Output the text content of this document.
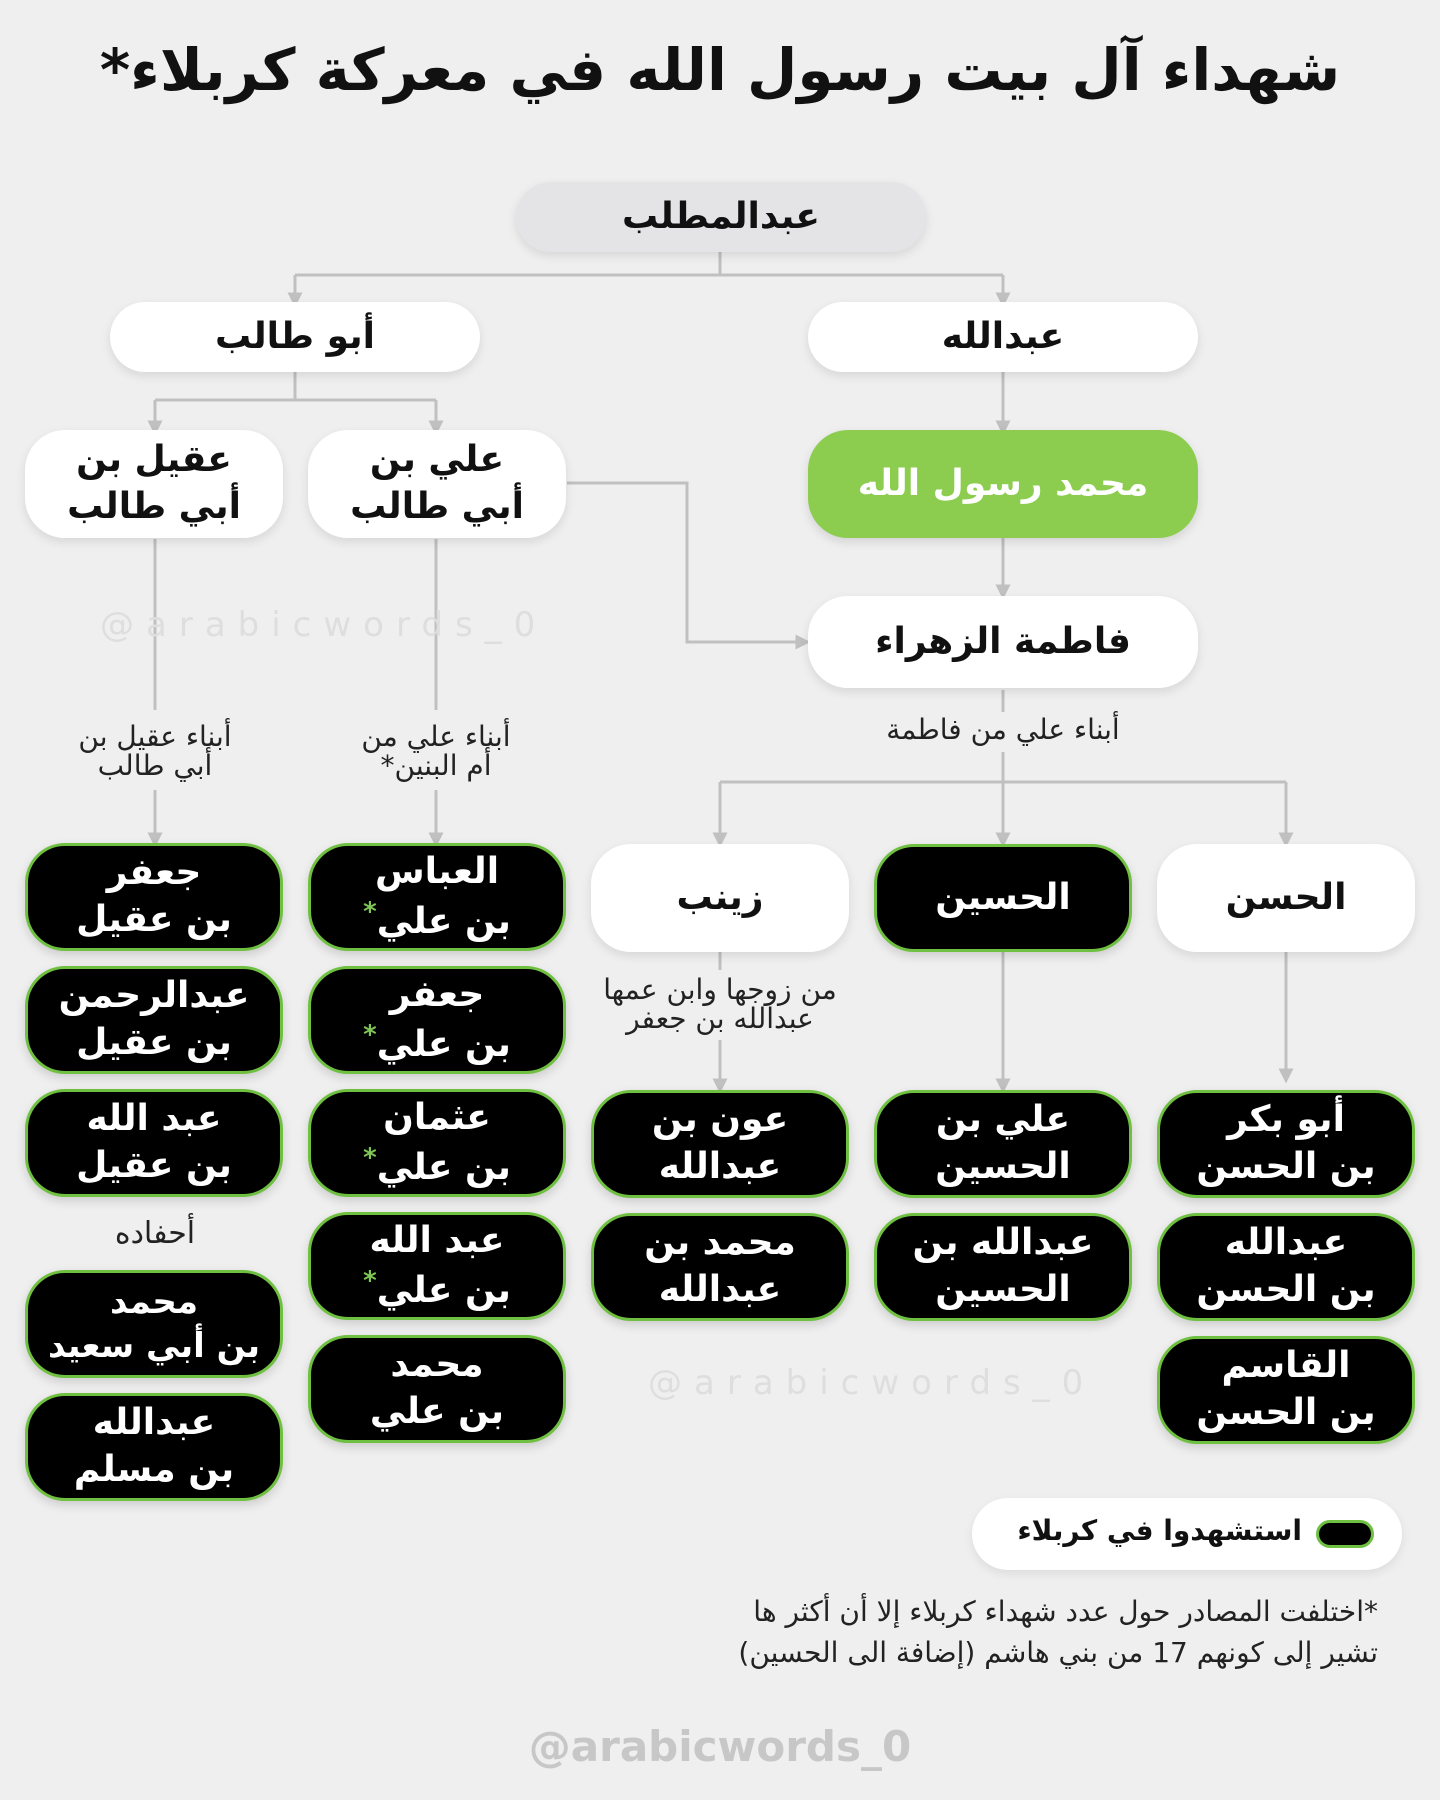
شهداء آل بيت رسول الله في معركة كربلاء*
@arabicwords_0
@arabicwords_0
عبدالمطلب
أبو طالب	عبدالله
محمد رسول الله
علي بن
أبي طالب
عقيل بن
أبي طالب
فاطمة الزهراء
الحسن
الحسين
زينب
أبناء علي من فاطمة
أبناء علي من
أم البنين*
أبناء عقيل بن
أبي طالب
من زوجها وابن عمها
عبدالله بن جعفر
أحفاده
جعفر
بن عقيل
عبدالرحمن
بن عقيل
عبد الله
بن عقيل
محمد
بن أبي سعيد
عبدالله
بن مسلم
العباس
بن علي*
جعفر
بن علي*
عثمان
بن علي*
عبد الله
بن علي*
محمد
بن علي
عون بن
عبدالله
محمد بن
عبدالله
علي بن
الحسين
عبدالله بن
الحسين
أبو بكر
بن الحسن
عبدالله
بن الحسن
القاسم
بن الحسن
استشهدوا في كربلاء
*اختلفت المصادر حول عدد شهداء كربلاء إلا أن أكثر ها
تشير إلى كونهم 17 من بني هاشم (إضافة الى الحسين)
@arabicwords_0
